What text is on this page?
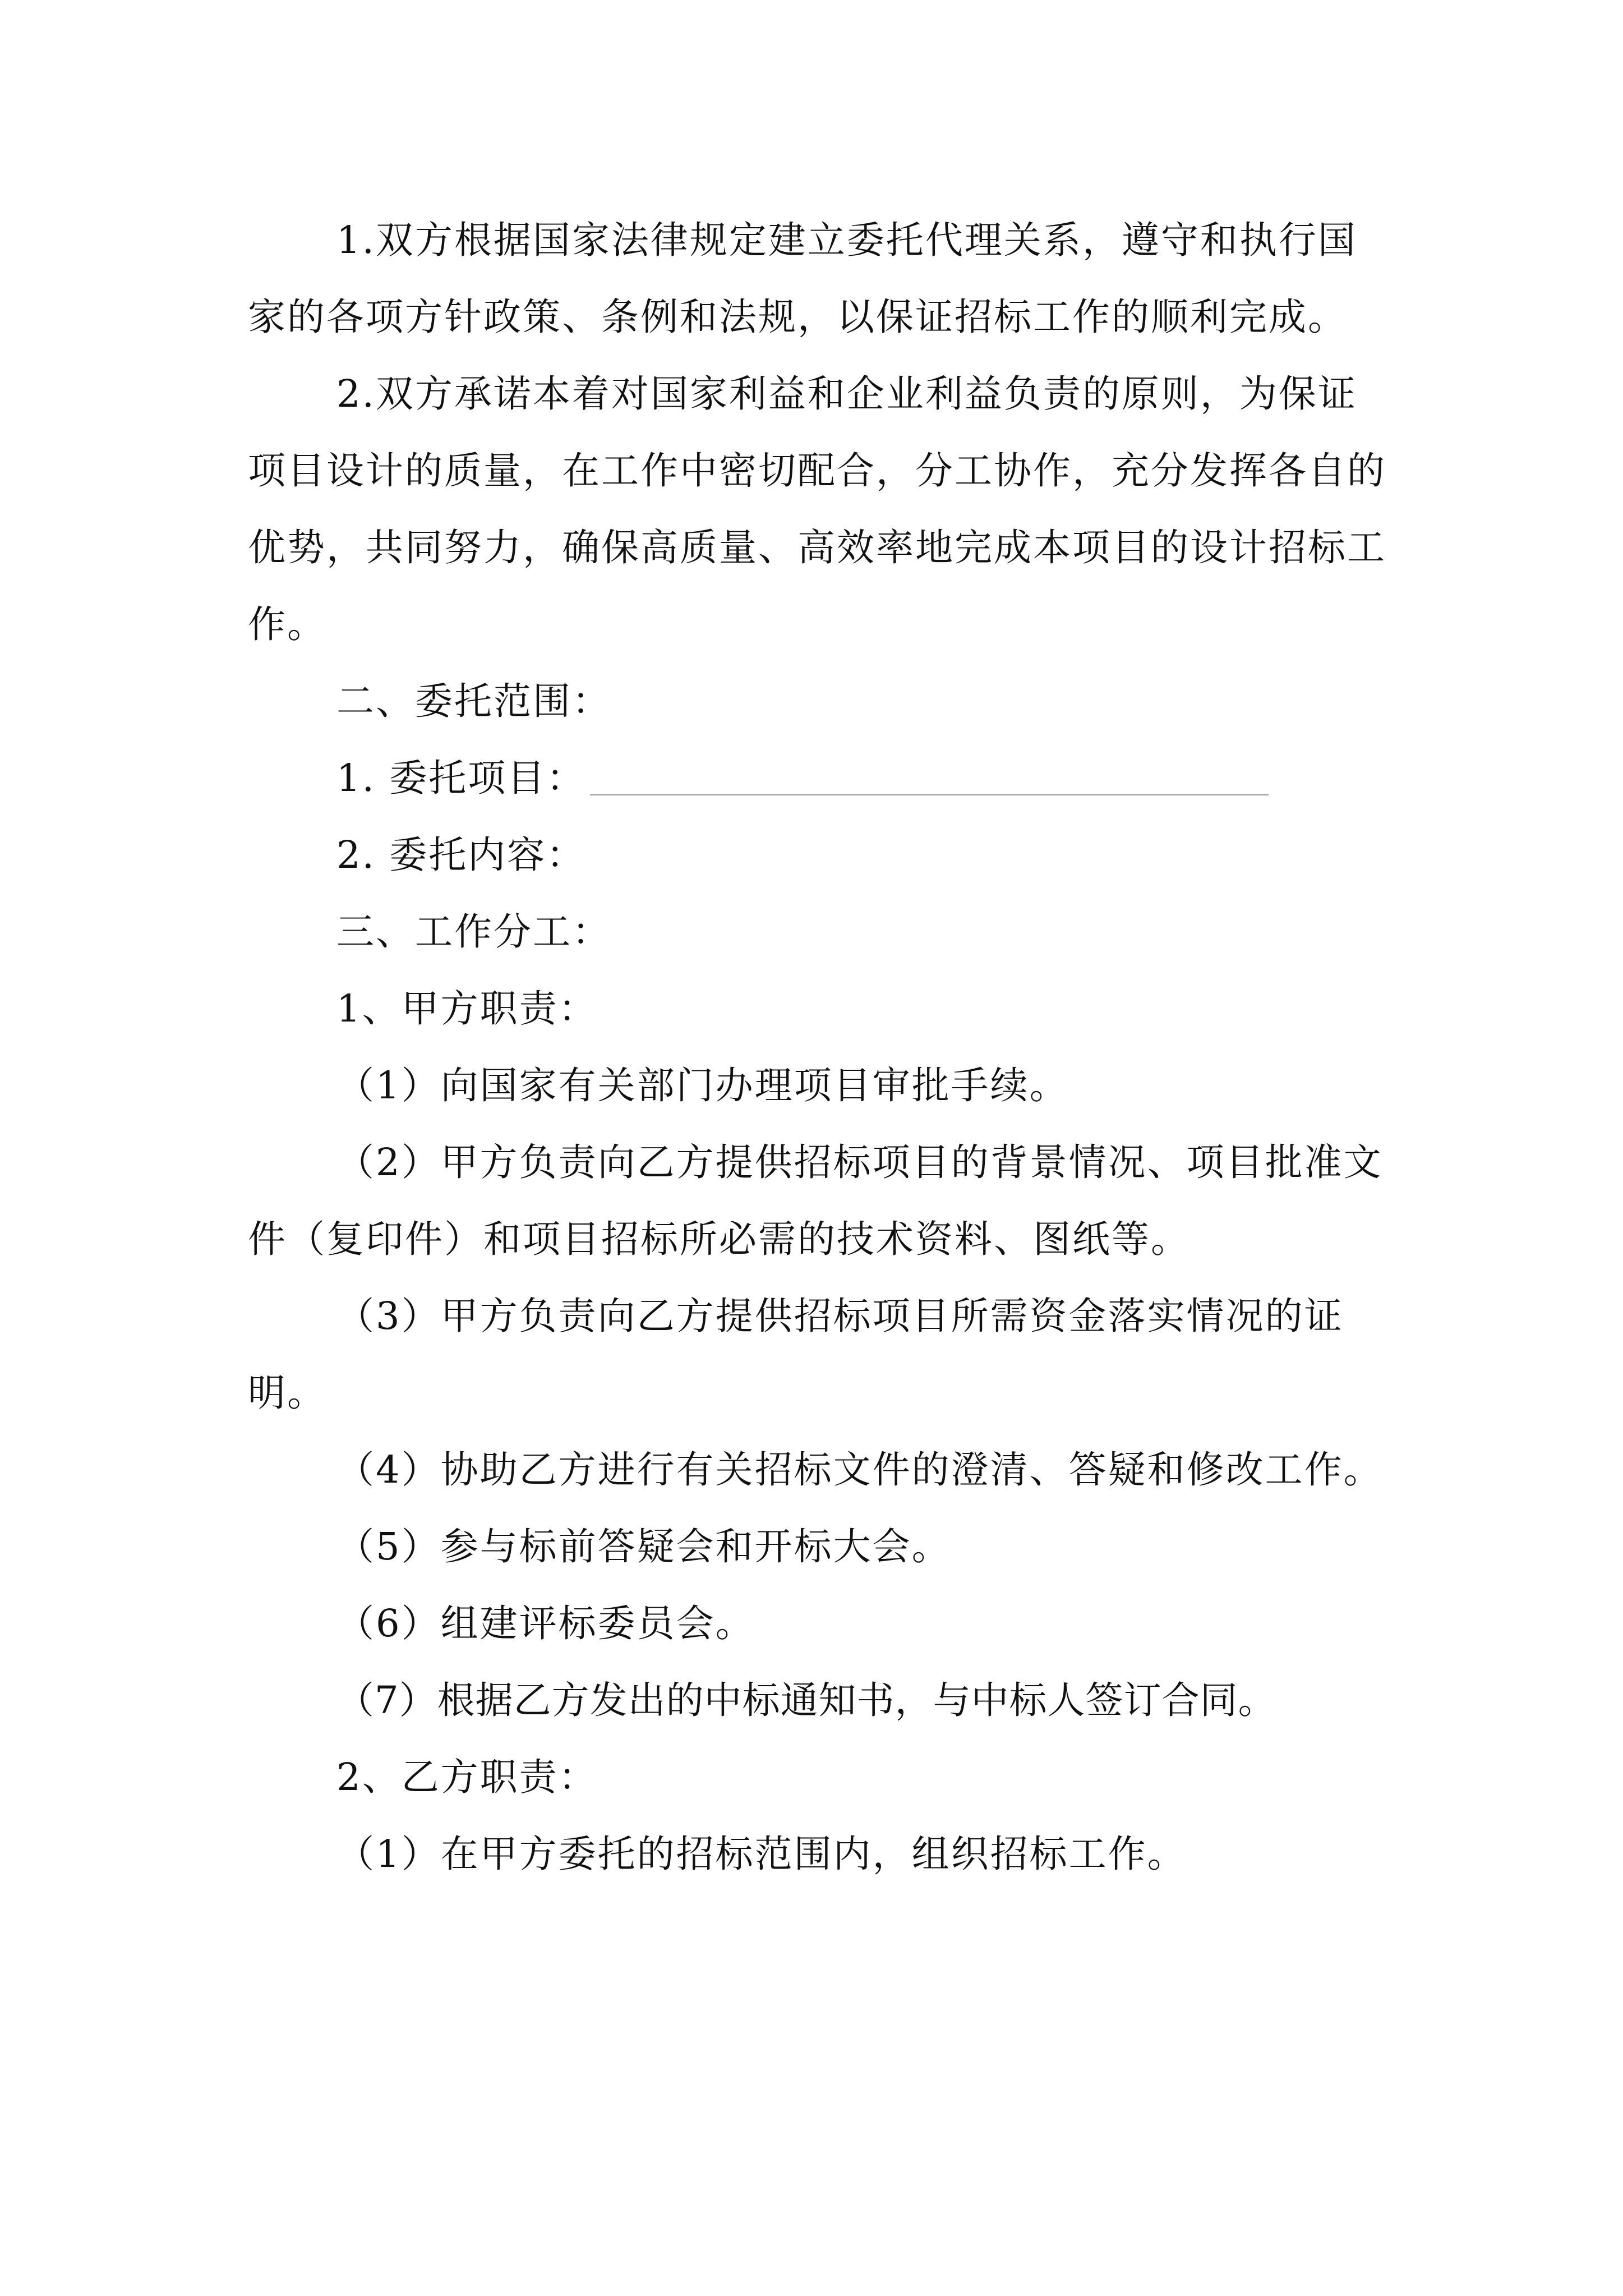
1.双方根据国家法律规定建立委托代理关系，遵守和执行国家的各项方针政策、条例和法规，以保证招标工作的顺利完成。

2.双方承诺本着对国家利益和企业利益负责的原则，为保证项目设计的质量，在工作中密切配合，分工协作，充分发挥各自的优势，共同努力，确保高质量、高效率地完成本项目的设计招标工作。

二、委托范围：

1. 委托项目：

2. 委托内容：

三、工作分工：

1、甲方职责：

（1）向国家有关部门办理项目审批手续。

（2）甲方负责向乙方提供招标项目的背景情况、项目批准文件（复印件）和项目招标所必需的技术资料、图纸等。

（3）甲方负责向乙方提供招标项目所需资金落实情况的证明。

（4）协助乙方进行有关招标文件的澄清、答疑和修改工作。

（5）参与标前答疑会和开标大会。

（6）组建评标委员会。

（7）根据乙方发出的中标通知书，与中标人签订合同。

2、乙方职责：

（1）在甲方委托的招标范围内，组织招标工作。
